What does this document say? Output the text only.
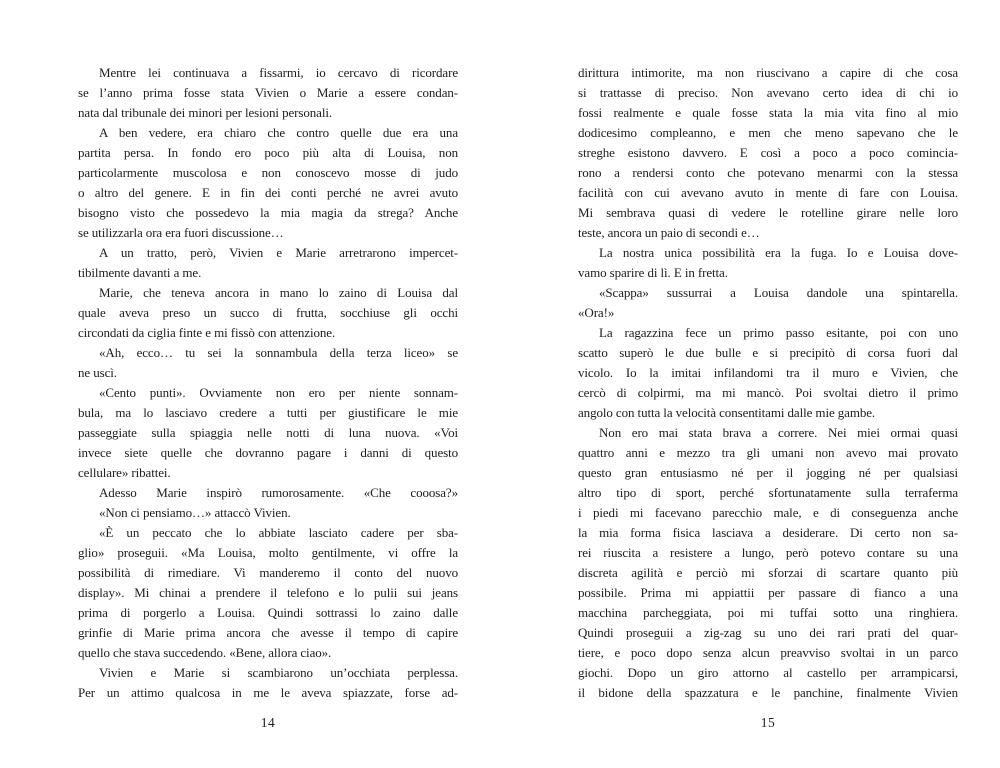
Mentre lei continuava a fissarmi, io cercavo di ricordare
se l’anno prima fosse stata Vivien o Marie a essere condan-
nata dal tribunale dei minori per lesioni personali.
A ben vedere, era chiaro che contro quelle due era una
partita persa. In fondo ero poco più alta di Louisa, non
particolarmente muscolosa e non conoscevo mosse di judo
o altro del genere. E in fin dei conti perché ne avrei avuto
bisogno visto che possedevo la mia magia da strega? Anche
se utilizzarla ora era fuori discussione…
A un tratto, però, Vivien e Marie arretrarono impercet-
tibilmente davanti a me.
Marie, che teneva ancora in mano lo zaino di Louisa dal
quale aveva preso un succo di frutta, socchiuse gli occhi
circondati da ciglia finte e mi fissò con attenzione.
«Ah, ecco… tu sei la sonnambula della terza liceo» se
ne uscì.
«Cento punti». Ovviamente non ero per niente sonnam-
bula, ma lo lasciavo credere a tutti per giustificare le mie
passeggiate sulla spiaggia nelle notti di luna nuova. «Voi
invece siete quelle che dovranno pagare i danni di questo
cellulare» ribattei.
Adesso Marie inspirò rumorosamente. «Che cooosa?»
«Non ci pensiamo…» attaccò Vivien.
«È un peccato che lo abbiate lasciato cadere per sba-
glio» proseguii. «Ma Louisa, molto gentilmente, vi offre la
possibilità di rimediare. Vi manderemo il conto del nuovo
display». Mi chinai a prendere il telefono e lo pulii sui jeans
prima di porgerlo a Louisa. Quindi sottrassi lo zaino dalle
grinfie di Marie prima ancora che avesse il tempo di capire
quello che stava succedendo. «Bene, allora ciao».
Vivien e Marie si scambiarono un’occhiata perplessa.
Per un attimo qualcosa in me le aveva spiazzate, forse ad-
14
dirittura intimorite, ma non riuscivano a capire di che cosa
si trattasse di preciso. Non avevano certo idea di chi io
fossi realmente e quale fosse stata la mia vita fino al mio
dodicesimo compleanno, e men che meno sapevano che le
streghe esistono davvero. E così a poco a poco comincia-
rono a rendersi conto che potevano menarmi con la stessa
facilità con cui avevano avuto in mente di fare con Louisa.
Mi sembrava quasi di vedere le rotelline girare nelle loro
teste, ancora un paio di secondi e…
La nostra unica possibilità era la fuga. Io e Louisa dove-
vamo sparire di lì. E in fretta.
«Scappa» sussurrai a Louisa dandole una spintarella.
«Ora!»
La ragazzina fece un primo passo esitante, poi con uno
scatto superò le due bulle e si precipitò di corsa fuori dal
vicolo. Io la imitai infilandomi tra il muro e Vivien, che
cercò di colpirmi, ma mi mancò. Poi svoltai dietro il primo
angolo con tutta la velocità consentitami dalle mie gambe.
Non ero mai stata brava a correre. Nei miei ormai quasi
quattro anni e mezzo tra gli umani non avevo mai provato
questo gran entusiasmo né per il jogging né per qualsiasi
altro tipo di sport, perché sfortunatamente sulla terraferma
i piedi mi facevano parecchio male, e di conseguenza anche
la mia forma fisica lasciava a desiderare. Di certo non sa-
rei riuscita a resistere a lungo, però potevo contare su una
discreta agilità e perciò mi sforzai di scartare quanto più
possibile. Prima mi appiattii per passare di fianco a una
macchina parcheggiata, poi mi tuffai sotto una ringhiera.
Quindi proseguii a zig-zag su uno dei rari prati del quar-
tiere, e poco dopo senza alcun preavviso svoltai in un parco
giochi. Dopo un giro attorno al castello per arrampicarsi,
il bidone della spazzatura e le panchine, finalmente Vivien
15
